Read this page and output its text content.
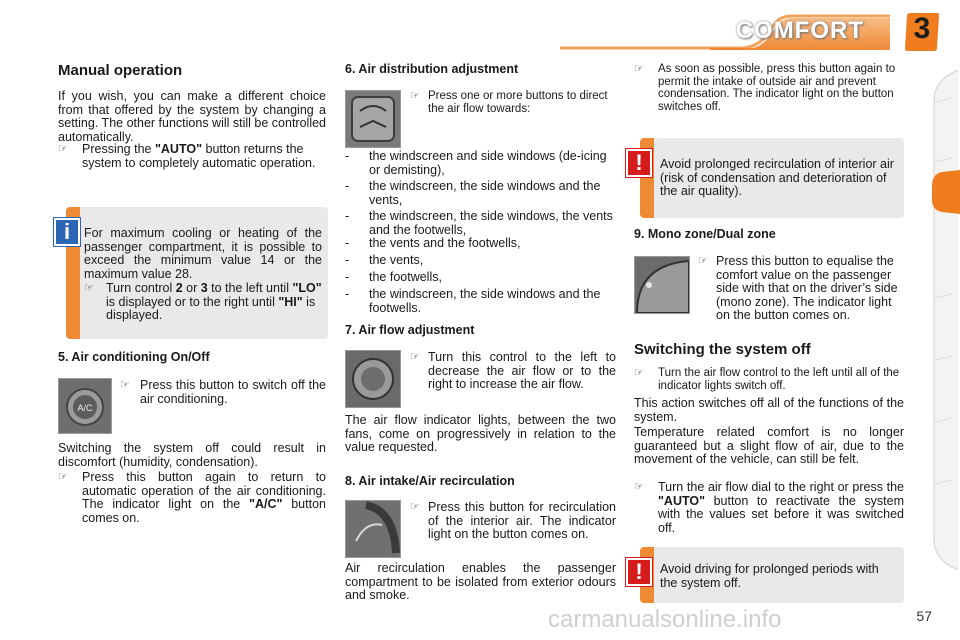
COMFORT	3
Manual operation
If you wish, you can make a different choice from that offered by the system by changing a setting. The other functions will still be controlled automatically.
☞ Pressing the "AUTO" button returns the system to completely automatic operation.
i	For maximum cooling or heating of the passenger compartment, it is possible to exceed the minimum value 14 or the maximum value 28.
☞ Turn control 2 or 3 to the left until "LO" is displayed or to the right until "HI" is displayed.
5. Air conditioning On/Off
A/C
☞ Press this button to switch off the air conditioning.
Switching the system off could result in discomfort (humidity, condensation).
☞ Press this button again to return to automatic operation of the air conditioning. The indicator light on the "A/C" button comes on.
6. Air distribution adjustment
☞ Press one or more buttons to direct the air flow towards:
- the windscreen and side windows (de-icing or demisting),
- the windscreen, the side windows and the vents,
- the windscreen, the side windows, the vents and the footwells,
- the vents and the footwells,
- the vents,
- the footwells,
- the windscreen, the side windows and the footwells.
7. Air flow adjustment
☞ Turn this control to the left to decrease the air flow or to the right to increase the air flow.
The air flow indicator lights, between the two fans, come on progressively in relation to the value requested.
8. Air intake/Air recirculation
☞ Press this button for recirculation of the interior air. The indicator light on the button comes on.
Air recirculation enables the passenger compartment to be isolated from exterior odours and smoke.
☞ As soon as possible, press this button again to permit the intake of outside air and prevent condensation. The indicator light on the button switches off.
!	Avoid prolonged recirculation of interior air (risk of condensation and deterioration of the air quality).
9. Mono zone/Dual zone
☞ Press this button to equalise the comfort value on the passenger side with that on the driver’s side (mono zone). The indicator light on the button comes on.
Switching the system off
☞ Turn the air flow control to the left until all of the indicator lights switch off.
This action switches off all of the functions of the system.
Temperature related comfort is no longer guaranteed but a slight flow of air, due to the movement of the vehicle, can still be felt.
☞ Turn the air flow dial to the right or press the "AUTO" button to reactivate the system with the values set before it was switched off.
!	Avoid driving for prolonged periods with the system off.
57
carmanualsonline.info
